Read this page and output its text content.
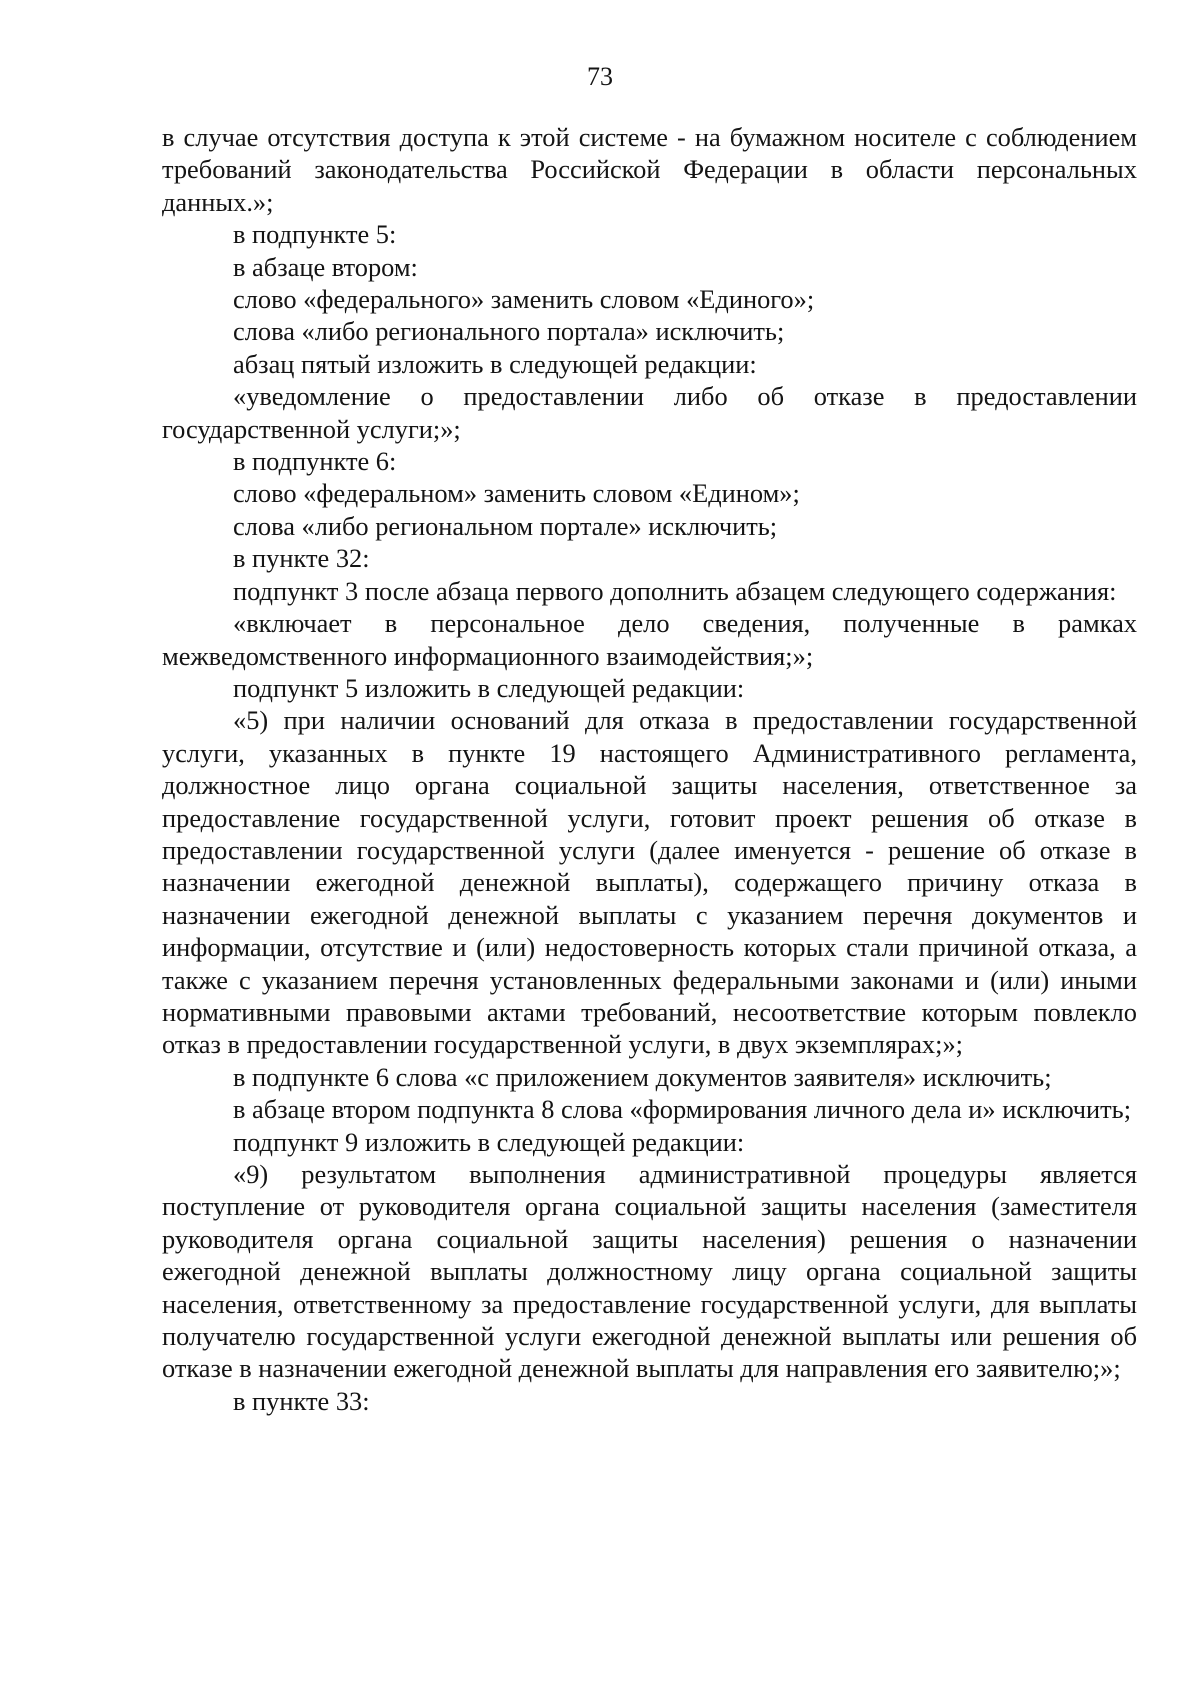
73

в случае отсутствия доступа к этой системе - на бумажном носителе с соблюдением требований законодательства Российской Федерации в области персональных данных.»;

в подпункте 5:

в абзаце втором:

слово «федерального» заменить словом «Единого»;

слова «либо регионального портала» исключить;

абзац пятый изложить в следующей редакции:

«уведомление о предоставлении либо об отказе в предоставлении государственной услуги;»;

в подпункте 6:

слово «федеральном» заменить словом «Едином»;

слова «либо региональном портале» исключить;

в пункте 32:

подпункт 3 после абзаца первого дополнить абзацем следующего содержания:

«включает в персональное дело сведения, полученные в рамках межведомственного информационного взаимодействия;»;

подпункт 5 изложить в следующей редакции:

«5) при наличии оснований для отказа в предоставлении государственной услуги, указанных в пункте 19 настоящего Административного регламента, должностное лицо органа социальной защиты населения, ответственное за предоставление государственной услуги, готовит проект решения об отказе в предоставлении государственной услуги (далее именуется - решение об отказе в назначении ежегодной денежной выплаты), содержащего причину отказа в назначении ежегодной денежной выплаты с указанием перечня документов и информации, отсутствие и (или) недостоверность которых стали причиной отказа, а также с указанием перечня установленных федеральными законами и (или) иными нормативными правовыми актами требований, несоответствие которым повлекло отказ в предоставлении государственной услуги, в двух экземплярах;»;

в подпункте 6 слова «с приложением документов заявителя» исключить;

в абзаце втором подпункта 8 слова «формирования личного дела и» исключить;

подпункт 9 изложить в следующей редакции:

«9) результатом выполнения административной процедуры является поступление от руководителя органа социальной защиты населения (заместителя руководителя органа социальной защиты населения) решения о назначении ежегодной денежной выплаты должностному лицу органа социальной защиты населения, ответственному за предоставление государственной услуги, для выплаты получателю государственной услуги ежегодной денежной выплаты или решения об отказе в назначении ежегодной денежной выплаты для направления его заявителю;»;

в пункте 33:
